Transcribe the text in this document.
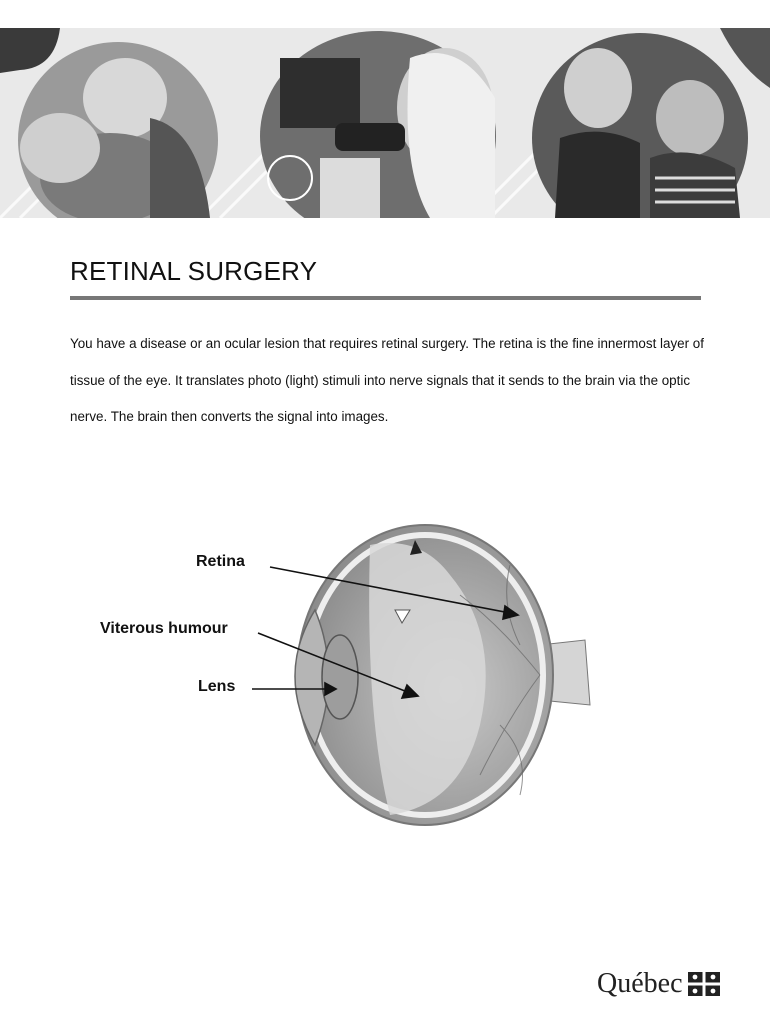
RETINAL SURGERY

You have a disease or an ocular lesion that requires retinal surgery. The retina is the fine innermost layer of tissue of the eye. It translates photo (light) stimuli into nerve signals that it sends to the brain via the optic nerve. The brain then converts the signal into images.

Retina
Viterous humour
Lens
Québec
